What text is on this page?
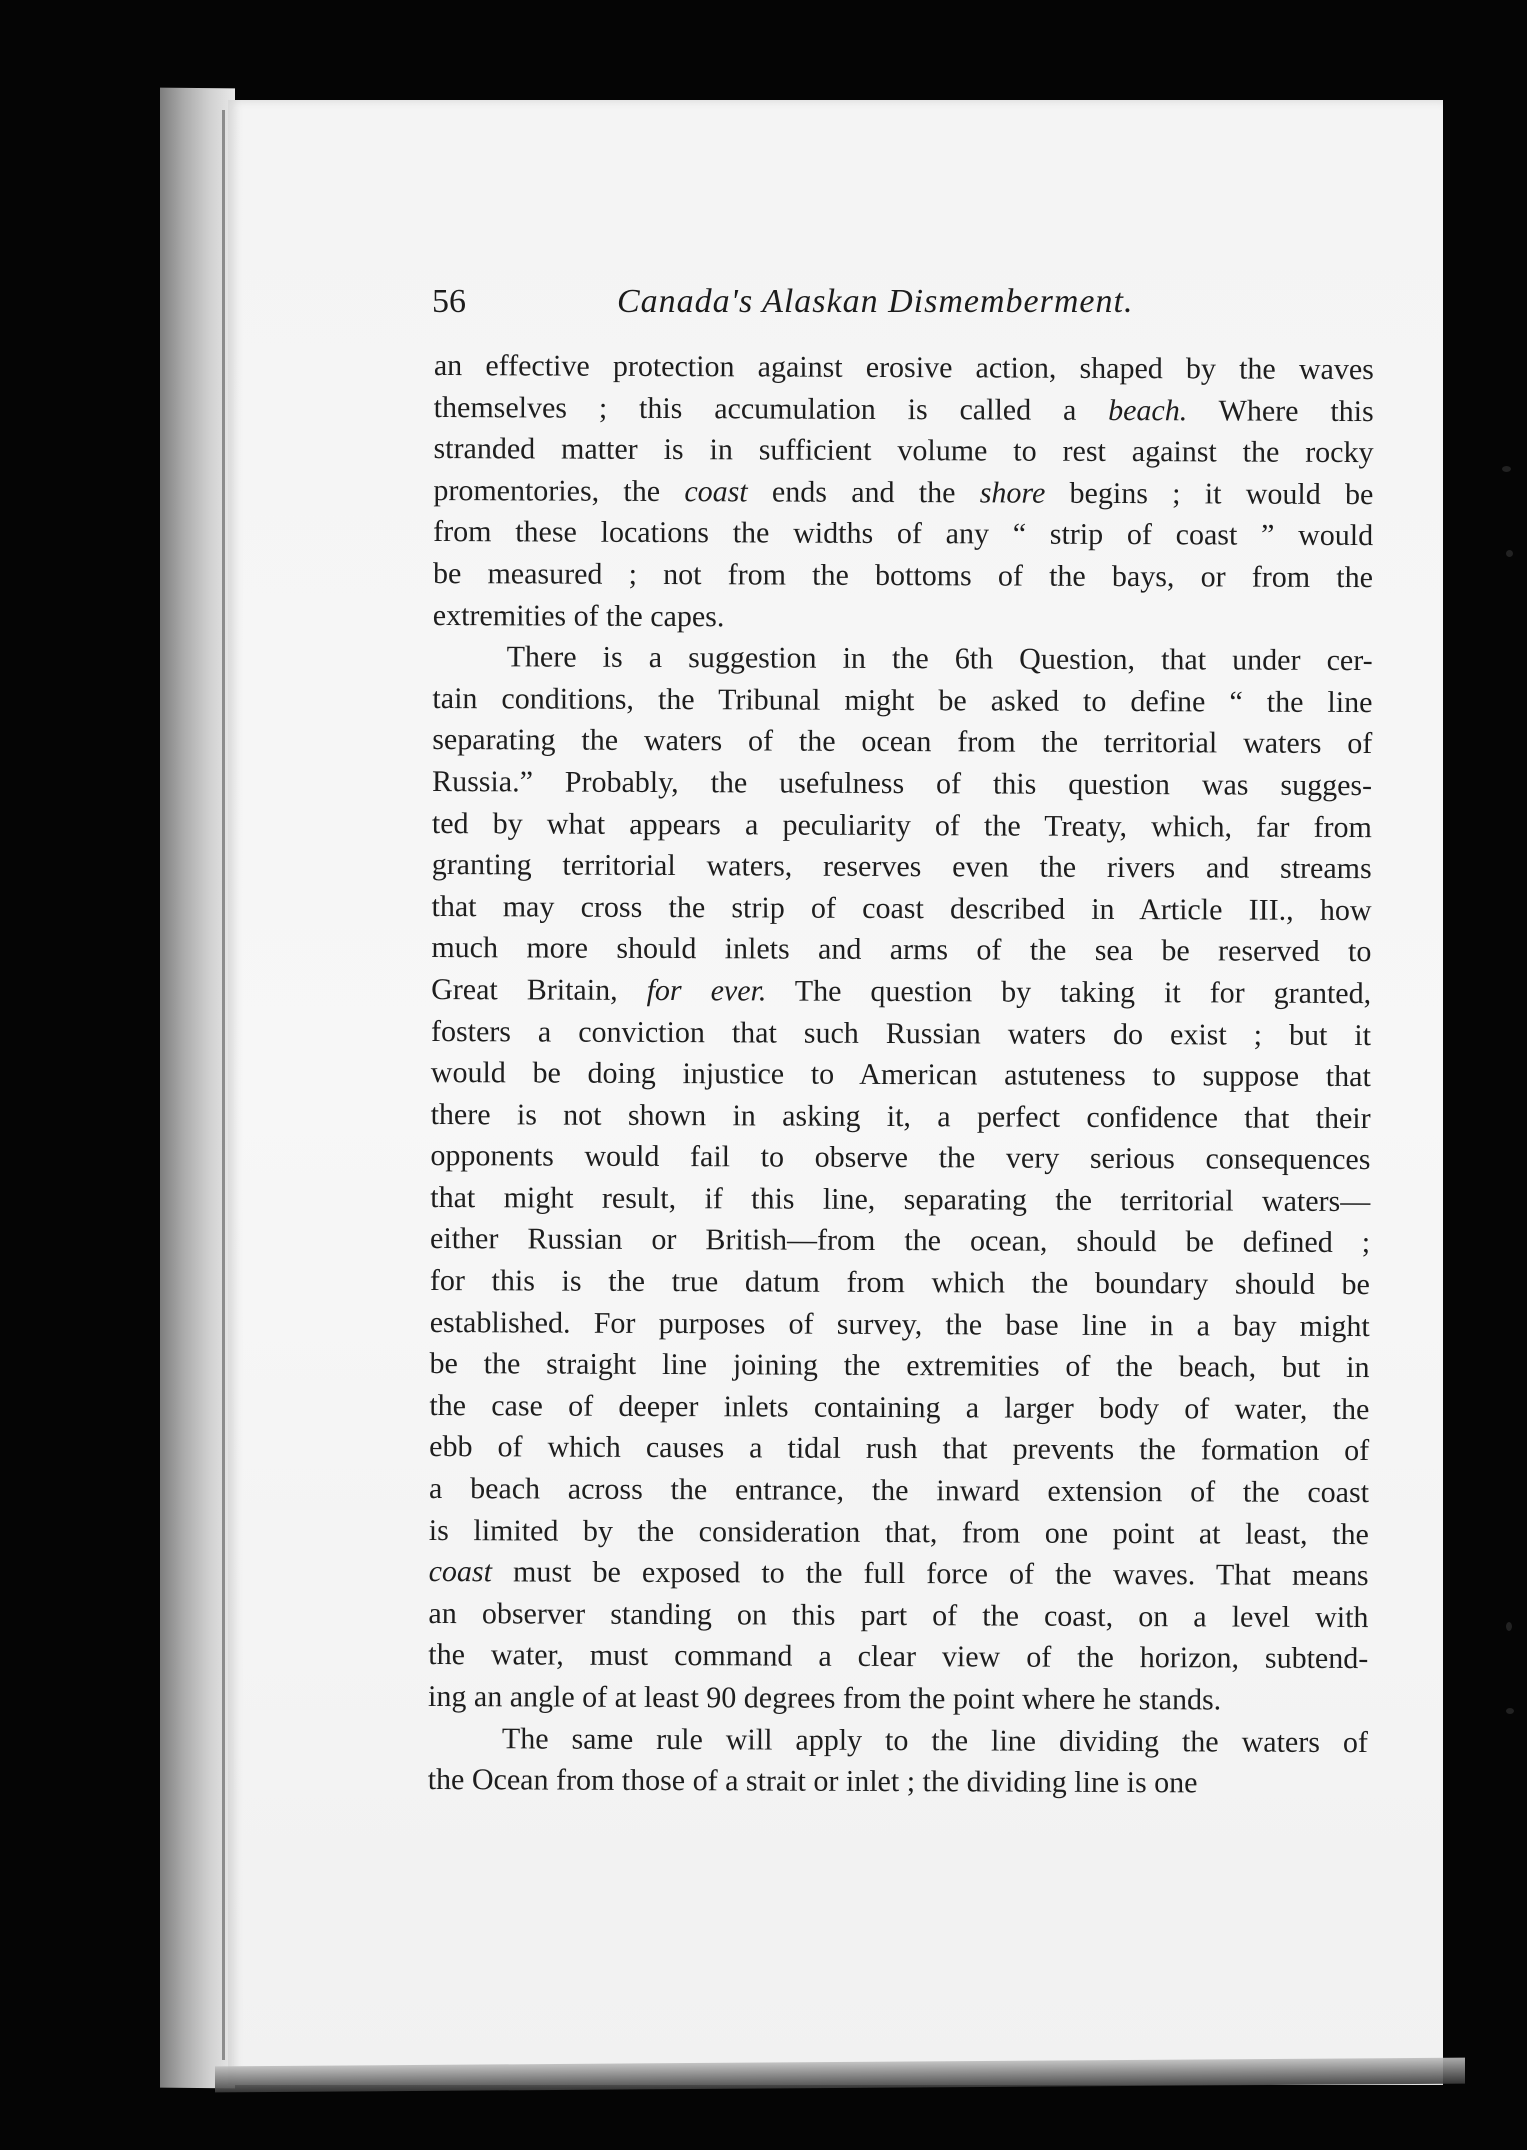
56	Canada's Alaskan Dismemberment.
an effective protection against erosive action, shaped by the waves
themselves ; this accumulation is called a beach. Where this
stranded matter is in sufficient volume to rest against the rocky
promentories, the coast ends and the shore begins ; it would be
from these locations the widths of any “ strip of coast ” would
be measured ; not from the bottoms of the bays, or from the
extremities of the capes.
There is a suggestion in the 6th Question, that under cer-
tain conditions, the Tribunal might be asked to define “ the line
separating the waters of the ocean from the territorial waters of
Russia.” Probably, the usefulness of this question was sugges-
ted by what appears a peculiarity of the Treaty, which, far from
granting territorial waters, reserves even the rivers and streams
that may cross the strip of coast described in Article III., how
much more should inlets and arms of the sea be reserved to
Great Britain, for ever. The question by taking it for granted,
fosters a conviction that such Russian waters do exist ; but it
would be doing injustice to American astuteness to suppose that
there is not shown in asking it, a perfect confidence that their
opponents would fail to observe the very serious consequences
that might result, if this line, separating the territorial waters—
either Russian or British—from the ocean, should be defined ;
for this is the true datum from which the boundary should be
established. For purposes of survey, the base line in a bay might
be the straight line joining the extremities of the beach, but in
the case of deeper inlets containing a larger body of water, the
ebb of which causes a tidal rush that prevents the formation of
a beach across the entrance, the inward extension of the coast
is limited by the consideration that, from one point at least, the
coast must be exposed to the full force of the waves. That means
an observer standing on this part of the coast, on a level with
the water, must command a clear view of the horizon, subtend-
ing an angle of at least 90 degrees from the point where he stands.
The same rule will apply to the line dividing the waters of
the Ocean from those of a strait or inlet ; the dividing line is one
